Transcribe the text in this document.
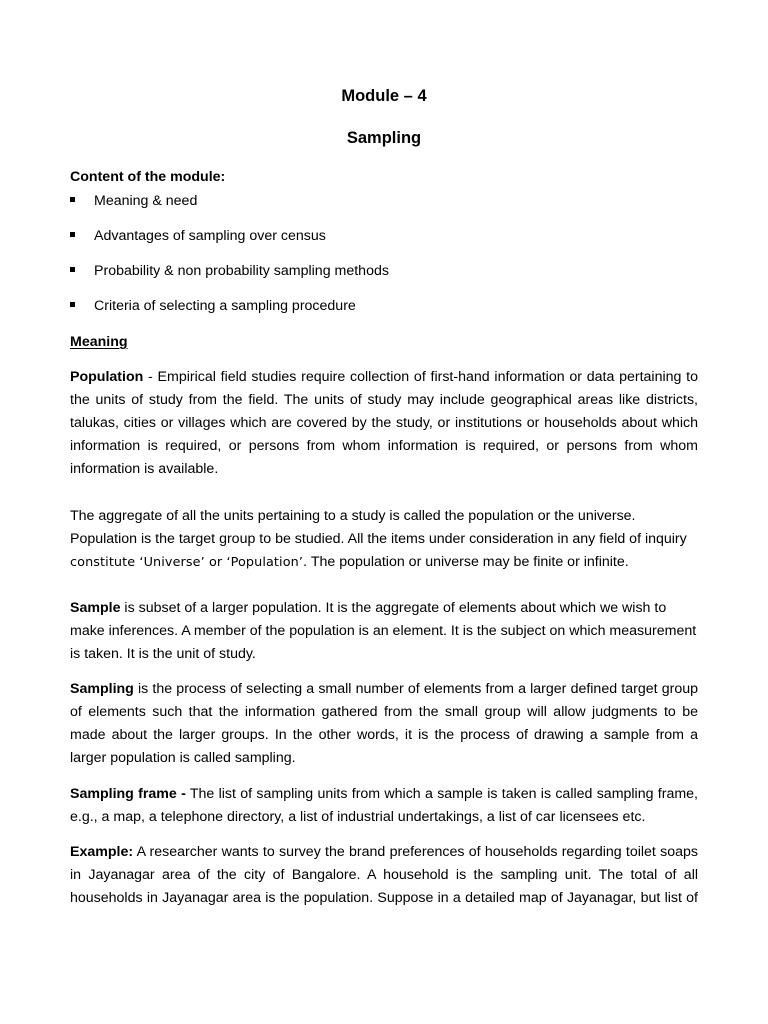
Module – 4
Sampling
Content of the module:
Meaning & need
Advantages of sampling over census
Probability & non probability sampling methods
Criteria of selecting a sampling procedure
Meaning
Population - Empirical field studies require collection of first-hand information or data pertaining to
the units of study from the field. The units of study may include geographical areas like districts,
talukas, cities or villages which are covered by the study, or institutions or households about which
information is required, or persons from whom information is required, or persons from whom
information is available.
The aggregate of all the units pertaining to a study is called the population or the universe.
Population is the target group to be studied. All the items under consideration in any field of inquiry
constitute ‘Universe’ or ‘Population’. The population or universe may be finite or infinite.
Sample is subset of a larger population. It is the aggregate of elements about which we wish to
make inferences. A member of the population is an element. It is the subject on which measurement
is taken. It is the unit of study.
Sampling is the process of selecting a small number of elements from a larger defined target group
of elements such that the information gathered from the small group will allow judgments to be
made about the larger groups. In the other words, it is the process of drawing a sample from a
larger population is called sampling.
Sampling frame - The list of sampling units from which a sample is taken is called sampling frame,
e.g., a map, a telephone directory, a list of industrial undertakings, a list of car licensees etc.
Example: A researcher wants to survey the brand preferences of households regarding toilet soaps
in Jayanagar area of the city of Bangalore. A household is the sampling unit. The total of all
households in Jayanagar area is the population. Suppose in a detailed map of Jayanagar, but list of
